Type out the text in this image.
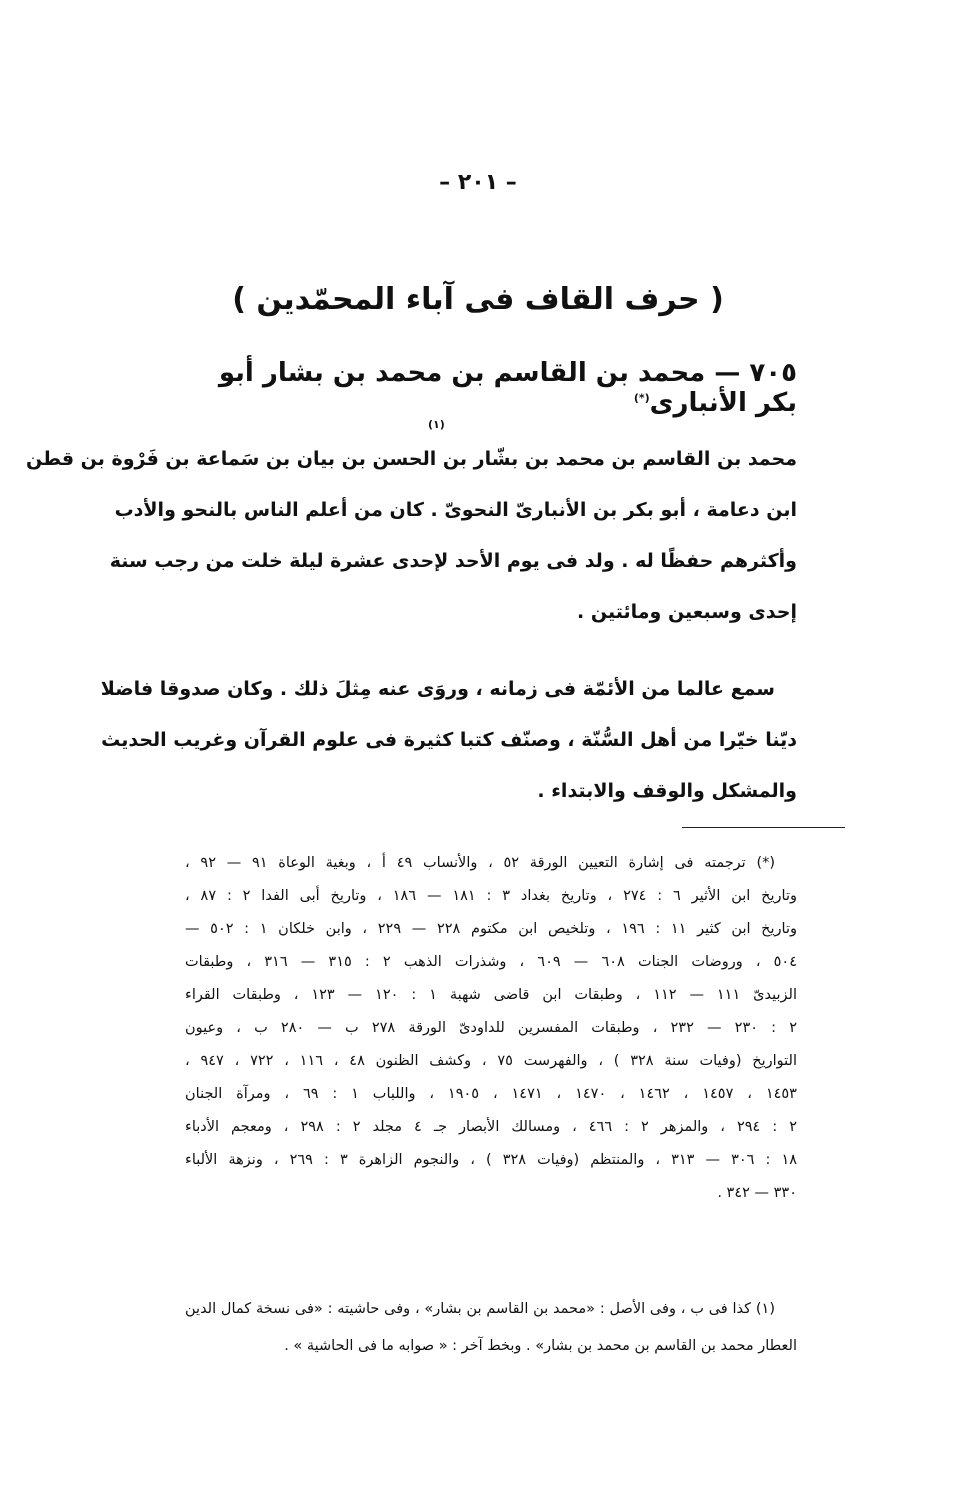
– ٢٠١ –
( حرف القاف فى آباء المحمّدين )
٧٠٥ — محمد بن القاسم بن محمد بن بشار أبو بكر الأنبارى(*)
محمد بن القاسم بن محمد بن بشّار بن الحسن بن بيان بن سَماعة بن فَرْوة بن قطن
ابن دعامة ، أبو بكر بن الأنبارىّ النحوىّ . كان من أعلم الناس بالنحو والأدب
وأكثرهم حفظًا له . ولد فى يوم الأحد لإحدى عشرة ليلة خلت من رجب سنة
إحدى وسبعين ومائتين .
(١)
سمع عالما من الأئمّة فى زمانه ، وروَى عنه مِثلَ ذلك . وكان صدوقا فاضلا
ديّنا خيّرا من أهل السُّنّة ، وصنّف كتبا كثيرة فى علوم القرآن وغريب الحديث
والمشكل والوقف والابتداء .
(*) ترجمته فى إشارة التعيين الورقة ٥٢ ، والأنساب ٤٩ أ ، وبغية الوعاة ٩١ — ٩٢ ،
وتاريخ ابن الأثير ٦ : ٢٧٤ ، وتاريخ بغداد ٣ : ١٨١ — ١٨٦ ، وتاريخ أبى الفدا ٢ : ٨٧ ،
وتاريخ ابن كثير ١١ : ١٩٦ ، وتلخيص ابن مكتوم ٢٢٨ — ٢٢٩ ، وابن خلكان ١ : ٥٠٢ —
٥٠٤ ، وروضات الجنات ٦٠٨ — ٦٠٩ ، وشذرات الذهب ٢ : ٣١٥ — ٣١٦ ، وطبقات
الزبيدىّ ١١١ — ١١٢ ، وطبقات ابن قاضى شهبة ١ : ١٢٠ — ١٢٣ ، وطبقات القراء
٢ : ٢٣٠ — ٢٣٢ ، وطبقات المفسرين للداودىّ الورقة ٢٧٨ ب — ٢٨٠ ب ، وعيون
التواريخ (وفيات سنة ٣٢٨ ) ، والفهرست ٧٥ ، وكشف الظنون ٤٨ ، ١١٦ ، ٧٢٢ ، ٩٤٧ ،
١٤٥٣ ، ١٤٥٧ ، ١٤٦٢ ، ١٤٧٠ ، ١٤٧١ ، ١٩٠٥ ، واللباب ١ : ٦٩ ، ومرآة الجنان
٢ : ٢٩٤ ، والمزهر ٢ : ٤٦٦ ، ومسالك الأبصار جـ ٤ مجلد ٢ : ٢٩٨ ، ومعجم الأدباء
١٨ : ٣٠٦ — ٣١٣ ، والمنتظم (وفيات ٣٢٨ ) ، والنجوم الزاهرة ٣ : ٢٦٩ ، ونزهة الألباء
٣٣٠ — ٣٤٢ .
(١) كذا فى ب ، وفى الأصل : «محمد بن القاسم بن بشار» ، وفى حاشيته : «فى نسخة كمال الدين
العطار محمد بن القاسم بن محمد بن بشار» . وبخط آخر : « صوابه ما فى الحاشية » .
